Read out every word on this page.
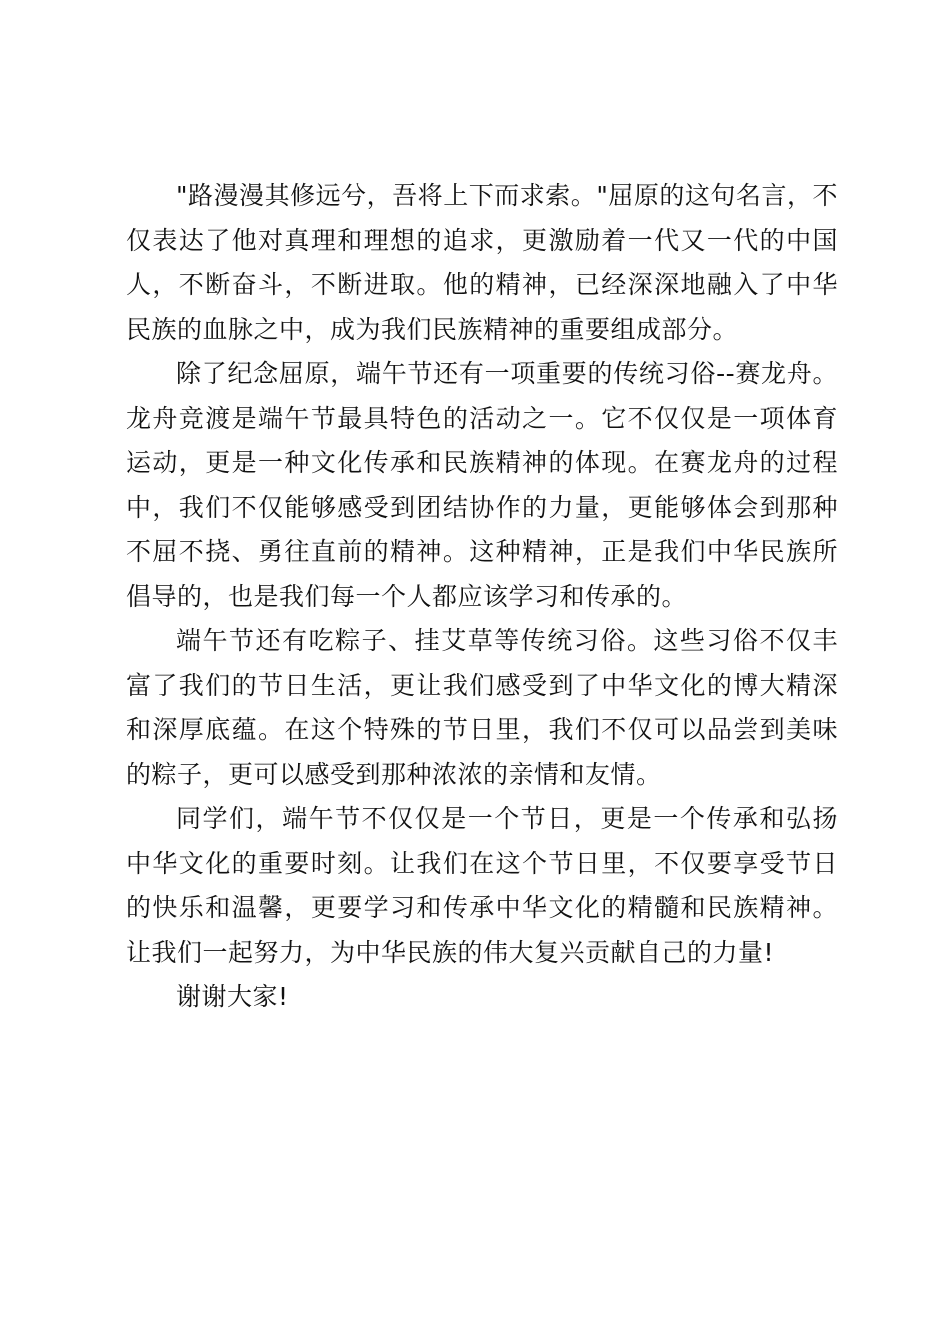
"路漫漫其修远兮，吾将上下而求索。"屈原的这句名言，不仅表达了他对真理和理想的追求，更激励着一代又一代的中国人，不断奋斗，不断进取。他的精神，已经深深地融入了中华民族的血脉之中，成为我们民族精神的重要组成部分。

除了纪念屈原，端午节还有一项重要的传统习俗--赛龙舟。龙舟竞渡是端午节最具特色的活动之一。它不仅仅是一项体育运动，更是一种文化传承和民族精神的体现。在赛龙舟的过程中，我们不仅能够感受到团结协作的力量，更能够体会到那种不屈不挠、勇往直前的精神。这种精神，正是我们中华民族所倡导的，也是我们每一个人都应该学习和传承的。

端午节还有吃粽子、挂艾草等传统习俗。这些习俗不仅丰富了我们的节日生活，更让我们感受到了中华文化的博大精深和深厚底蕴。在这个特殊的节日里，我们不仅可以品尝到美味的粽子，更可以感受到那种浓浓的亲情和友情。

同学们，端午节不仅仅是一个节日，更是一个传承和弘扬中华文化的重要时刻。让我们在这个节日里，不仅要享受节日的快乐和温馨，更要学习和传承中华文化的精髓和民族精神。让我们一起努力，为中华民族的伟大复兴贡献自己的力量!

谢谢大家!
